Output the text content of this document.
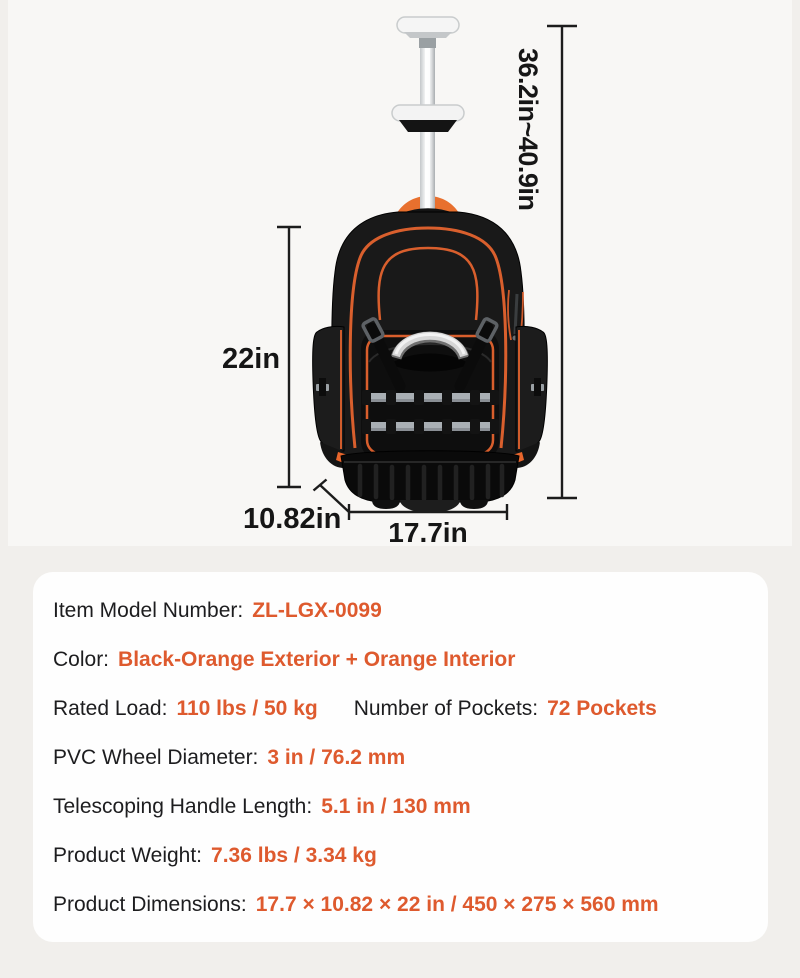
36.2in~40.9in
22in
10.82in	17.7in
Item Model Number: ZL-LGX-0099
Color: Black-Orange Exterior + Orange Interior
Rated Load: 110 lbs / 50 kg Number of Pockets: 72 Pockets
PVC Wheel Diameter: 3 in / 76.2 mm
Telescoping Handle Length: 5.1 in / 130 mm
Product Weight: 7.36 lbs / 3.34 kg
Product Dimensions: 17.7 × 10.82 × 22 in / 450 × 275 × 560 mm
